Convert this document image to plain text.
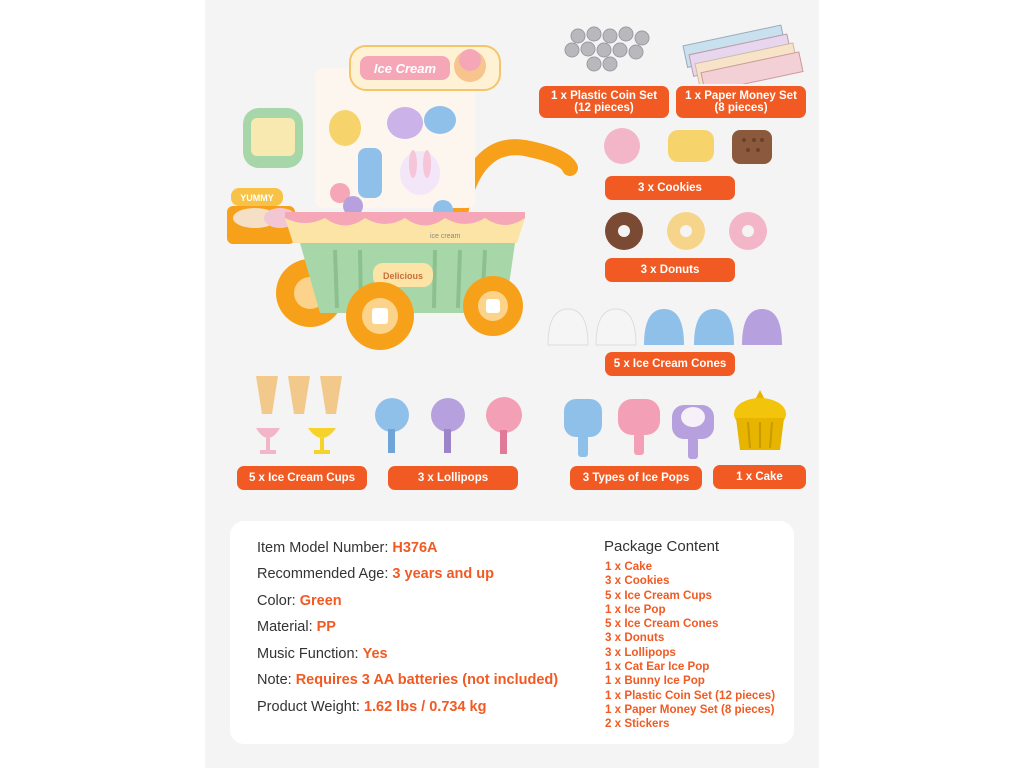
Ice Cream
YUMMY
ice cream
Delicious
1 x Plastic Coin Set (12 pieces)
1 x Paper Money Set (8 pieces)
3 x Cookies
3 x Donuts
5 x Ice Cream Cones
5 x Ice Cream Cups	3 x Lollipops	3 Types of Ice Pops	1 x Cake
Item Model Number: H376A
Recommended Age: 3 years and up
Color: Green
Material: PP
Music Function: Yes
Note: Requires 3 AA batteries (not included)
Product Weight: 1.62 lbs / 0.734 kg
Package Content
1 x Cake
3 x Cookies
5 x Ice Cream Cups
1 x Ice Pop
5 x Ice Cream Cones
3 x Donuts
3 x Lollipops
1 x Cat Ear Ice Pop
1 x Bunny Ice Pop
1 x Plastic Coin Set (12 pieces)
1 x Paper Money Set (8 pieces)
2 x Stickers
